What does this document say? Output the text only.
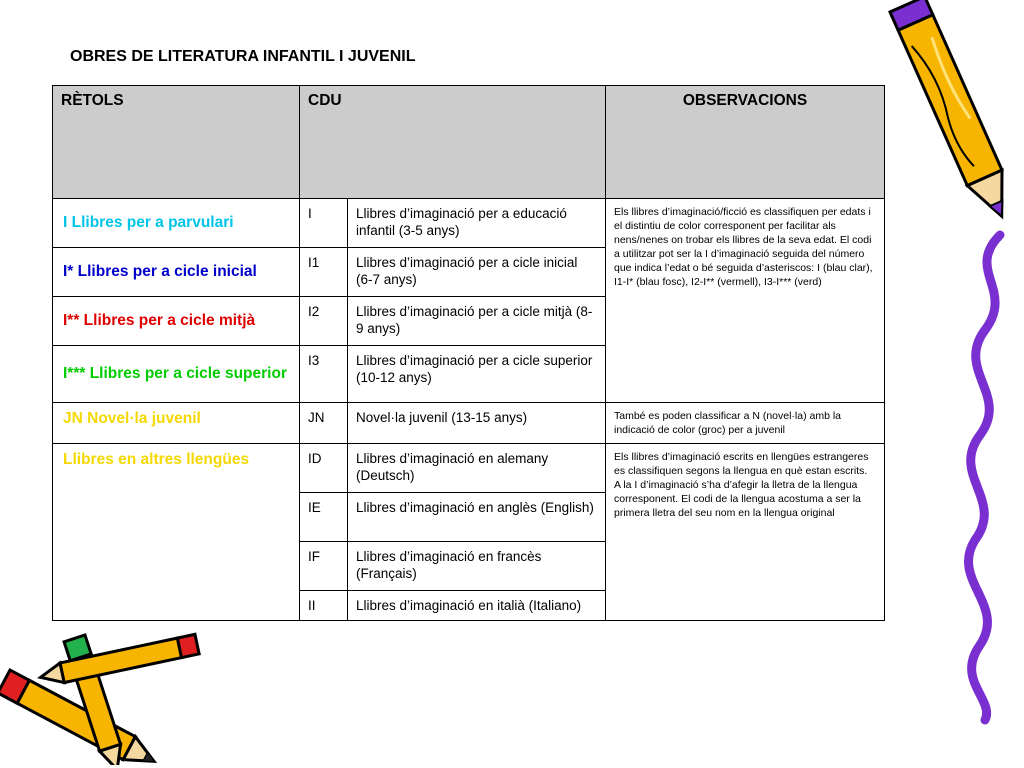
OBRES DE LITERATURA INFANTIL I JUVENIL
RÈTOLS	CDU		OBSERVACIONS
I Llibres per a parvulari	I	Llibres d’imaginació per a educació infantil (3-5 anys)	Els llibres d’imaginació/ficció es classifiquen per edats i el distintiu de color corresponent per facilitar als nens/nenes on trobar els llibres de la seva edat. El codi a utilitzar pot ser la I d’imaginació seguida del número que indica l’edat o bé seguida d’asteriscos: I (blau clar), I1-I* (blau fosc), I2-I** (vermell), I3-I*** (verd)
I* Llibres per a cicle inicial	I1	Llibres d’imaginació per a cicle inicial (6-7 anys)	
I** Llibres per a cicle mitjà	I2	Llibres d’imaginació per a cicle mitjà (8-9 anys)	
I*** Llibres per a cicle superior	I3	Llibres d’imaginació per a cicle superior (10-12 anys)	
JN Novel·la juvenil	JN	Novel·la juvenil (13-15 anys)	També es poden classificar a N (novel·la) amb la indicació de color (groc) per a juvenil
Llibres en altres llengües	ID	Llibres d’imaginació en alemany (Deutsch)	Els llibres d’imaginació escrits en llengües estrangeres es classifiquen segons la llengua en què estan escrits. A la I d’imaginació s’ha d’afegir la lletra de la llengua corresponent. El codi de la llengua acostuma a ser la primera lletra del seu nom en la llengua original
	IE	Llibres d’imaginació en anglès (English)	
	IF	Llibres d’imaginació en francès (Français)	
	II	Llibres d’imaginació en italià (Italiano)	
